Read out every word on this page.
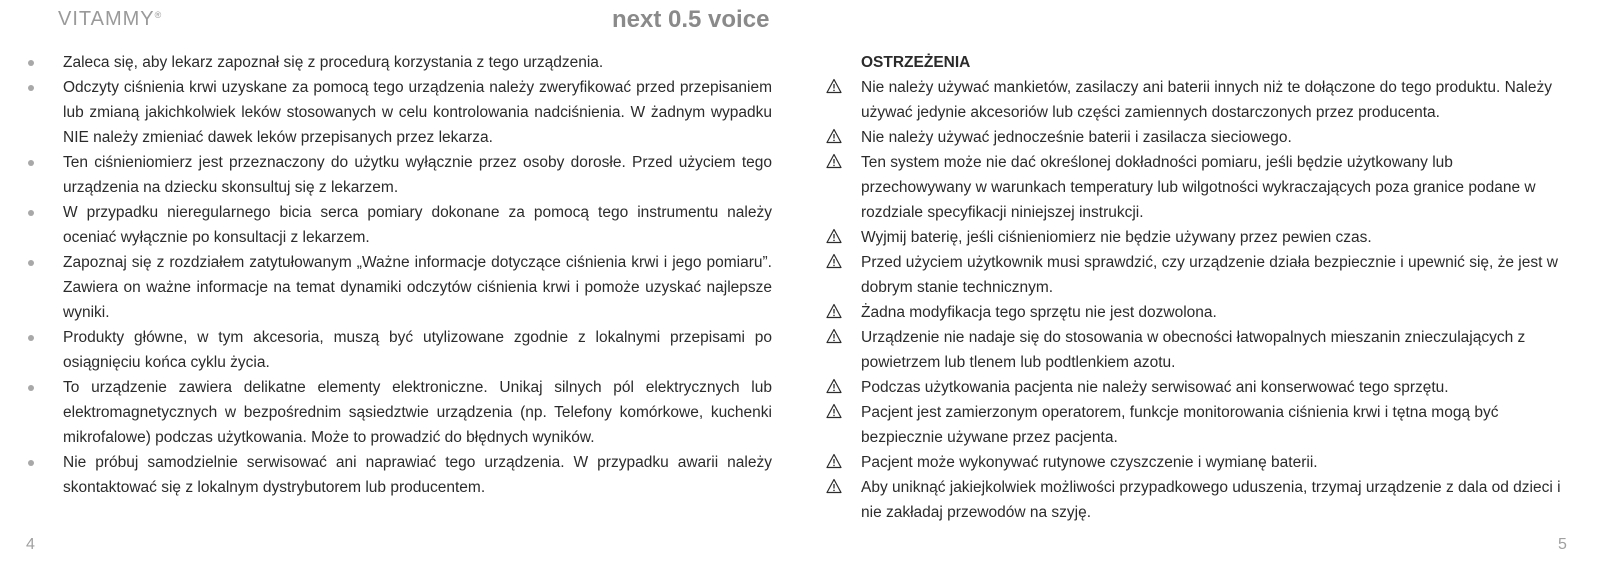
VITAMMY®	next 0.5 voice
Zaleca się, aby lekarz zapoznał się z procedurą korzystania z tego urządzenia.
Odczyty ciśnienia krwi uzyskane za pomocą tego urządzenia należy zweryfikować przed przepisaniem lub zmianą jakichkolwiek leków stosowanych w celu kontrolowania nadciśnienia. W żadnym wypadku NIE należy zmieniać dawek leków przepisanych przez lekarza.
Ten ciśnieniomierz jest przeznaczony do użytku wyłącznie przez osoby dorosłe. Przed użyciem tego urządzenia na dziecku skonsultuj się z lekarzem.
W przypadku nieregularnego bicia serca pomiary dokonane za pomocą tego instrumentu należy oceniać wyłącznie po konsultacji z lekarzem.
Zapoznaj się z rozdziałem zatytułowanym „Ważne informacje dotyczące ciśnienia krwi i jego pomiaru”. Zawiera on ważne informacje na temat dynamiki odczytów ciśnienia krwi i pomoże uzyskać najlepsze wyniki.
Produkty główne, w tym akcesoria, muszą być utylizowane zgodnie z lokalnymi przepisami po osiągnięciu końca cyklu życia.
To urządzenie zawiera delikatne elementy elektroniczne. Unikaj silnych pól elektrycznych lub elektromagnetycznych w bezpośrednim sąsiedztwie urządzenia (np. Telefony komórkowe, kuchenki mikrofalowe) podczas użytkowania. Może to prowadzić do błędnych wyników.
Nie próbuj samodzielnie serwisować ani naprawiać tego urządzenia. W przypadku awarii należy skontaktować się z lokalnym dystrybutorem lub producentem.
OSTRZEŻENIA
Nie należy używać mankietów, zasilaczy ani baterii innych niż te dołączone do tego produktu. Należy używać jedynie akcesoriów lub części zamiennych dostarczonych przez producenta.
Nie należy używać jednocześnie baterii i zasilacza sieciowego.
Ten system może nie dać określonej dokładności pomiaru, jeśli będzie użytkowany lub przechowywany w warunkach temperatury lub wilgotności wykraczających poza granice podane w rozdziale specyfikacji niniejszej instrukcji.
Wyjmij baterię, jeśli ciśnieniomierz nie będzie używany przez pewien czas.
Przed użyciem użytkownik musi sprawdzić, czy urządzenie działa bezpiecznie i upewnić się, że jest w dobrym stanie technicznym.
Żadna modyfikacja tego sprzętu nie jest dozwolona.
Urządzenie nie nadaje się do stosowania w obecności łatwopalnych mieszanin znieczulających z powietrzem lub tlenem lub podtlenkiem azotu.
Podczas użytkowania pacjenta nie należy serwisować ani konserwować tego sprzętu.
Pacjent jest zamierzonym operatorem, funkcje monitorowania ciśnienia krwi i tętna mogą być bezpiecznie używane przez pacjenta.
Pacjent może wykonywać rutynowe czyszczenie i wymianę baterii.
Aby uniknąć jakiejkolwiek możliwości przypadkowego uduszenia, trzymaj urządzenie z dala od dzieci i nie zakładaj przewodów na szyję.
4	5
